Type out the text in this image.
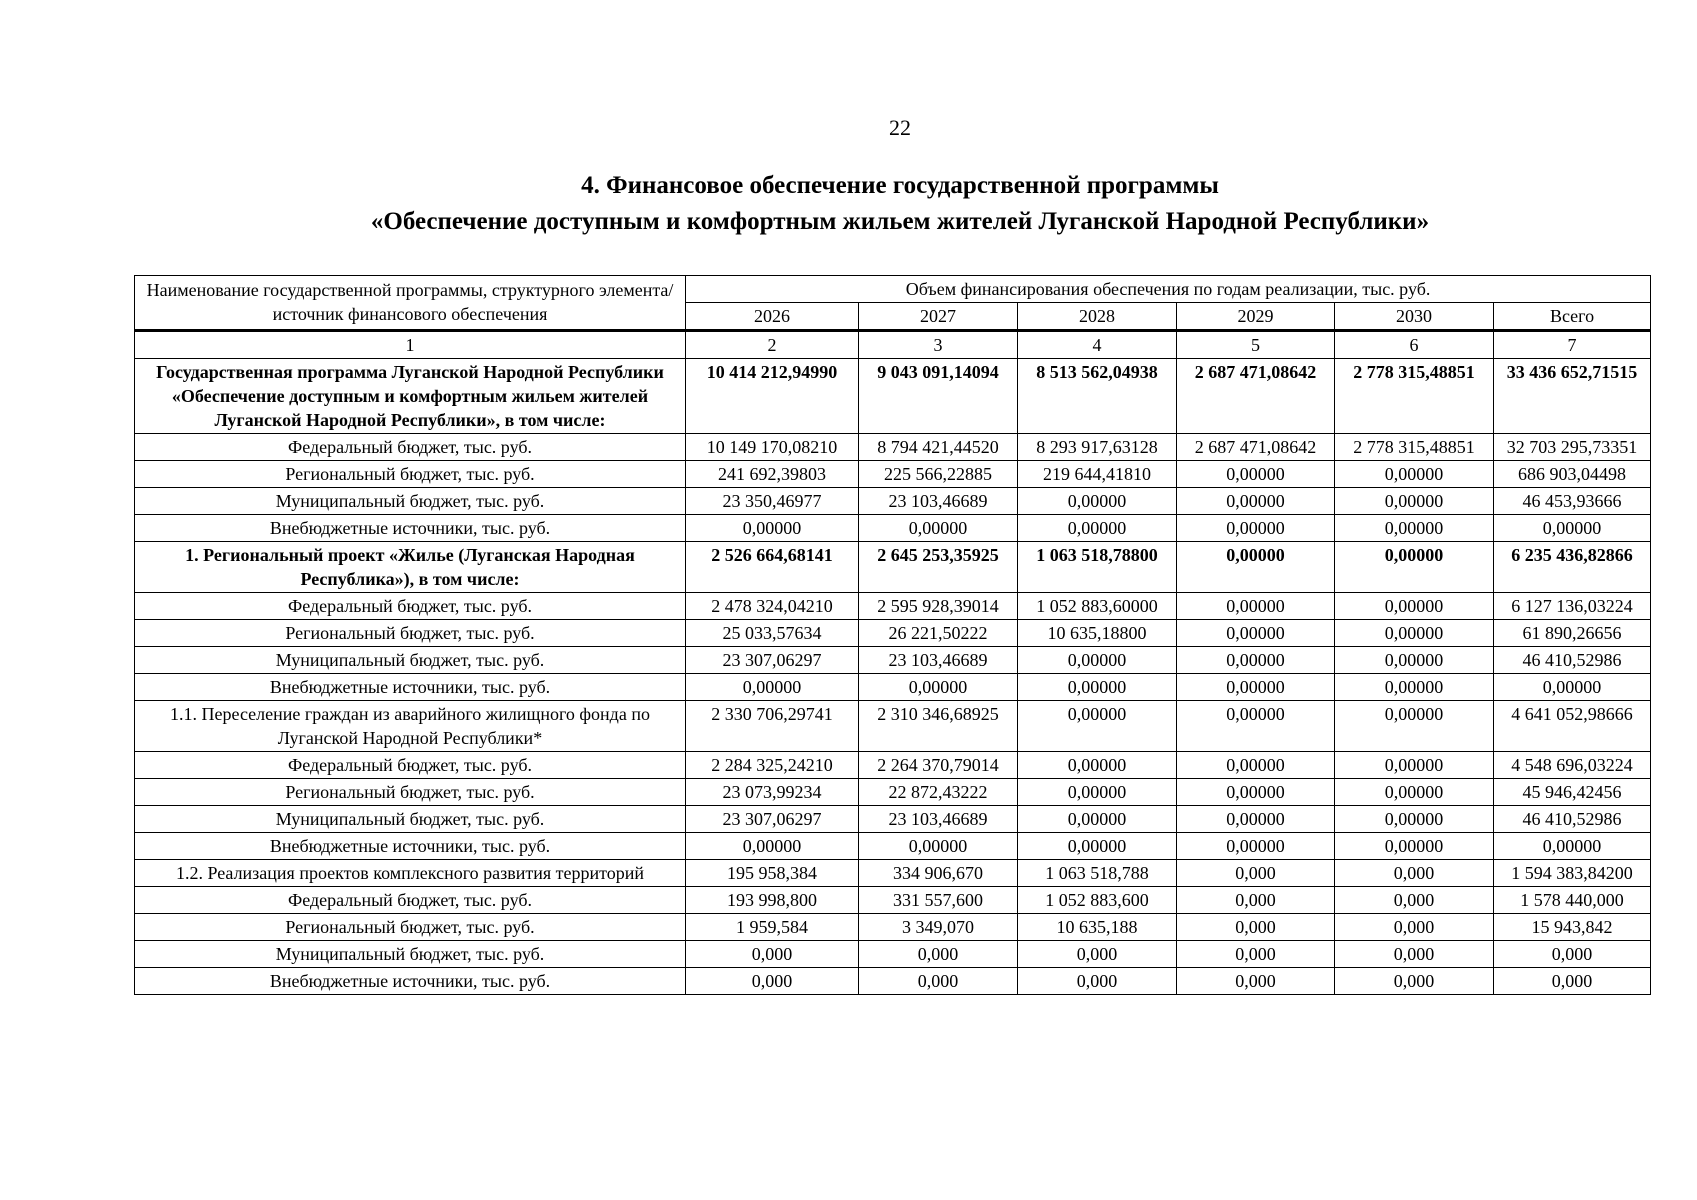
22
4. Финансовое обеспечение государственной программы
«Обеспечение доступным и комфортным жильем жителей Луганской Народной Республики»
Наименование государственной программы, структурного элемента/источник финансового обеспечения	Объем финансирования обеспечения по годам реализации, тыс. руб.					
	2026	2027	2028	2029	2030	Всего
1	2	3	4	5	6	7
Государственная программа Луганской Народной Республики «Обеспечение доступным и комфортным жильем жителей Луганской Народной Республики», в том числе:	10 414 212,94990	9 043 091,14094	8 513 562,04938	2 687 471,08642	2 778 315,48851	33 436 652,71515
Федеральный бюджет, тыс. руб.	10 149 170,08210	8 794 421,44520	8 293 917,63128	2 687 471,08642	2 778 315,48851	32 703 295,73351
Региональный бюджет, тыс. руб.	241 692,39803	225 566,22885	219 644,41810	0,00000	0,00000	686 903,04498
Муниципальный бюджет, тыс. руб.	23 350,46977	23 103,46689	0,00000	0,00000	0,00000	46 453,93666
Внебюджетные источники, тыс. руб.	0,00000	0,00000	0,00000	0,00000	0,00000	0,00000
1. Региональный проект «Жилье (Луганская Народная Республика»), в том числе:	2 526 664,68141	2 645 253,35925	1 063 518,78800	0,00000	0,00000	6 235 436,82866
Федеральный бюджет, тыс. руб.	2 478 324,04210	2 595 928,39014	1 052 883,60000	0,00000	0,00000	6 127 136,03224
Региональный бюджет, тыс. руб.	25 033,57634	26 221,50222	10 635,18800	0,00000	0,00000	61 890,26656
Муниципальный бюджет, тыс. руб.	23 307,06297	23 103,46689	0,00000	0,00000	0,00000	46 410,52986
Внебюджетные источники, тыс. руб.	0,00000	0,00000	0,00000	0,00000	0,00000	0,00000
1.1. Переселение граждан из аварийного жилищного фонда по Луганской Народной Республики*	2 330 706,29741	2 310 346,68925	0,00000	0,00000	0,00000	4 641 052,98666
Федеральный бюджет, тыс. руб.	2 284 325,24210	2 264 370,79014	0,00000	0,00000	0,00000	4 548 696,03224
Региональный бюджет, тыс. руб.	23 073,99234	22 872,43222	0,00000	0,00000	0,00000	45 946,42456
Муниципальный бюджет, тыс. руб.	23 307,06297	23 103,46689	0,00000	0,00000	0,00000	46 410,52986
Внебюджетные источники, тыс. руб.	0,00000	0,00000	0,00000	0,00000	0,00000	0,00000
1.2. Реализация проектов комплексного развития территорий	195 958,384	334 906,670	1 063 518,788	0,000	0,000	1 594 383,84200
Федеральный бюджет, тыс. руб.	193 998,800	331 557,600	1 052 883,600	0,000	0,000	1 578 440,000
Региональный бюджет, тыс. руб.	1 959,584	3 349,070	10 635,188	0,000	0,000	15 943,842
Муниципальный бюджет, тыс. руб.	0,000	0,000	0,000	0,000	0,000	0,000
Внебюджетные источники, тыс. руб.	0,000	0,000	0,000	0,000	0,000	0,000
